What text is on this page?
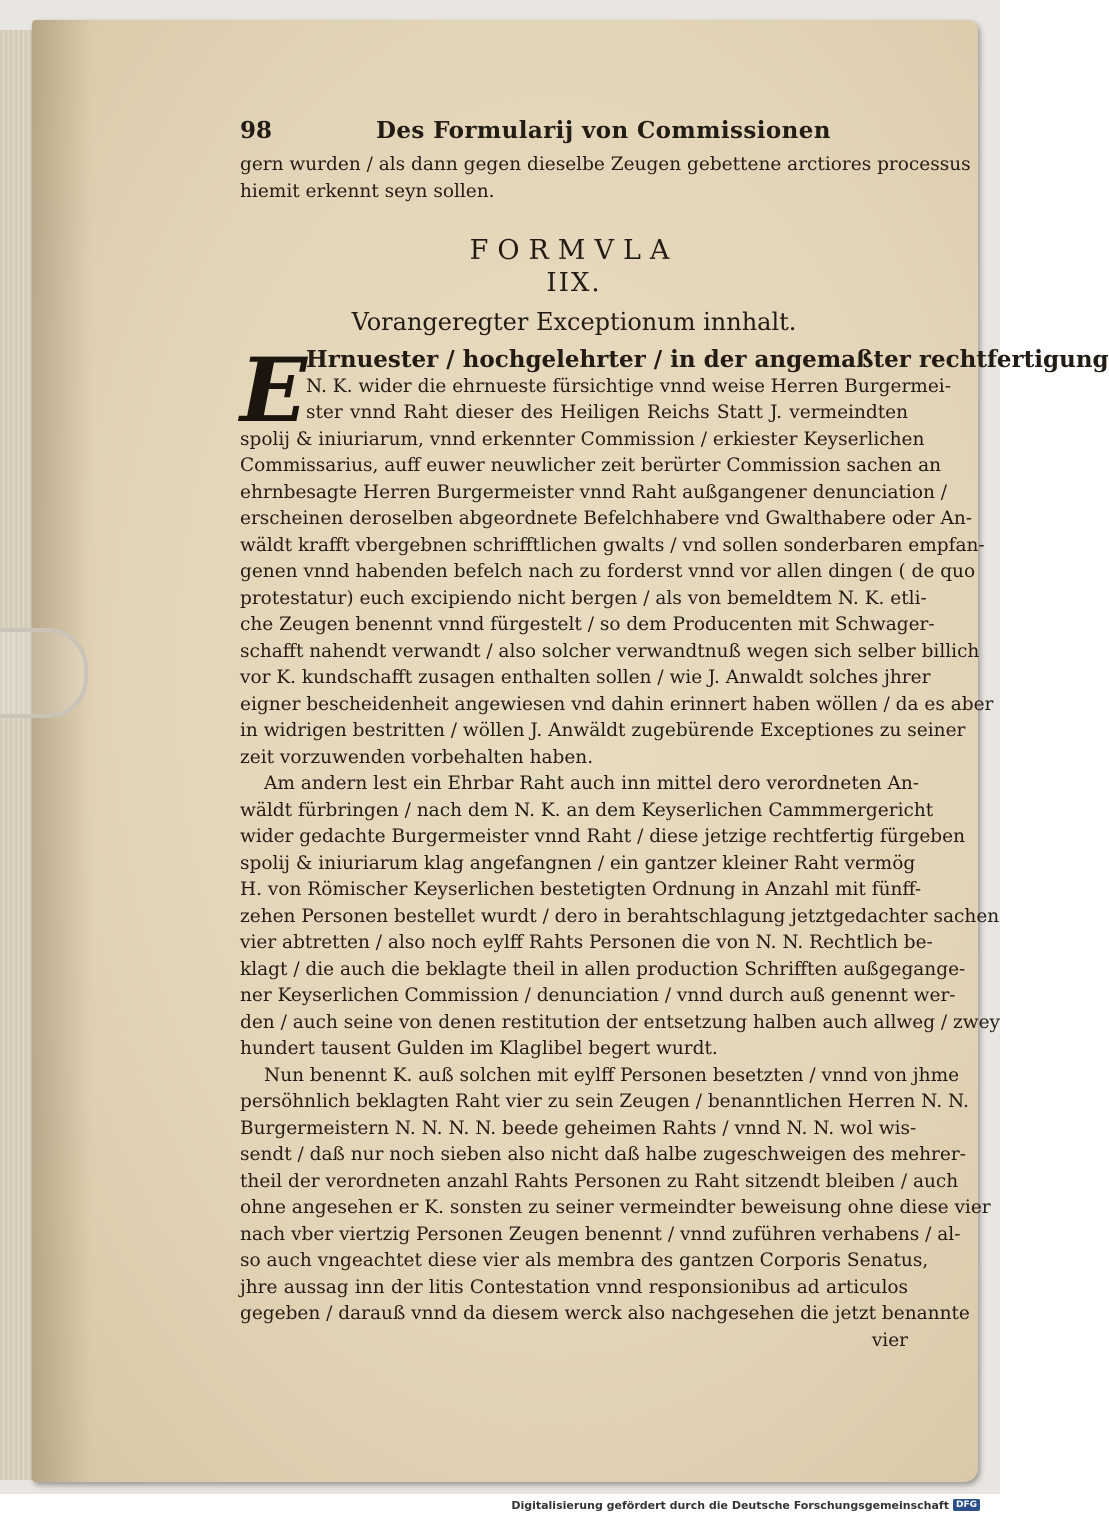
98	Des Formularij von Commissionen
gern wurden / als dann gegen dieselbe Zeugen gebettene arctiores processus
hiemit erkennt seyn sollen.
FORMVLA
IIX.
Vorangeregter Exceptionum innhalt.
E
Hrnuester / hochgelehrter / in der angemaßter rechtfertigung
N. K. wider die ehrnueste fürsichtige vnnd weise Herren Burgermei-
ster vnnd Raht dieser des Heiligen Reichs Statt J. vermeindten
spolij & iniuriarum, vnnd erkennter Commission / erkiester Keyserlichen
Commissarius, auff euwer neuwlicher zeit berürter Commission sachen an
ehrnbesagte Herren Burgermeister vnnd Raht außgangener denunciation /
erscheinen deroselben abgeordnete Befelchhabere vnd Gwalthabere oder An-
wäldt krafft vbergebnen schrifftlichen gwalts / vnd sollen sonderbaren empfan-
genen vnnd habenden befelch nach zu forderst vnnd vor allen dingen ( de quo
protestatur) euch excipiendo nicht bergen / als von bemeldtem N. K. etli-
che Zeugen benennt vnnd fürgestelt / so dem Producenten mit Schwager-
schafft nahendt verwandt / also solcher verwandtnuß wegen sich selber billich
vor K. kundschafft zusagen enthalten sollen / wie J. Anwaldt solches jhrer
eigner bescheidenheit angewiesen vnd dahin erinnert haben wöllen / da es aber
in widrigen bestritten / wöllen J. Anwäldt zugebürende Exceptiones zu seiner
zeit vorzuwenden vorbehalten haben.
Am andern lest ein Ehrbar Raht auch inn mittel dero verordneten An-
wäldt fürbringen / nach dem N. K. an dem Keyserlichen Cammmergericht
wider gedachte Burgermeister vnnd Raht / diese jetzige rechtfertig fürgeben
spolij & iniuriarum klag angefangnen / ein gantzer kleiner Raht vermög
H. von Römischer Keyserlichen bestetigten Ordnung in Anzahl mit fünff-
zehen Personen bestellet wurdt / dero in berahtschlagung jetztgedachter sachen
vier abtretten / also noch eylff Rahts Personen die von N. N. Rechtlich be-
klagt / die auch die beklagte theil in allen production Schrifften außgegange-
ner Keyserlichen Commission / denunciation / vnnd durch auß genennt wer-
den / auch seine von denen restitution der entsetzung halben auch allweg / zwey
hundert tausent Gulden im Klaglibel begert wurdt.
Nun benennt K. auß solchen mit eylff Personen besetzten / vnnd von jhme
persöhnlich beklagten Raht vier zu sein Zeugen / benanntlichen Herren N. N.
Burgermeistern N. N. N. N. beede geheimen Rahts / vnnd N. N. wol wis-
sendt / daß nur noch sieben also nicht daß halbe zugeschweigen des mehrer-
theil der verordneten anzahl Rahts Personen zu Raht sitzendt bleiben / auch
ohne angesehen er K. sonsten zu seiner vermeindter beweisung ohne diese vier
nach vber viertzig Personen Zeugen benennt / vnnd zuführen verhabens / al-
so auch vngeachtet diese vier als membra des gantzen Corporis Senatus,
jhre aussag inn der litis Contestation vnnd responsionibus ad articulos
gegeben / darauß vnnd da diesem werck also nachgesehen die jetzt benannte
vier
Digitalisierung gefördert durch die Deutsche Forschungsgemeinschaft DFG
